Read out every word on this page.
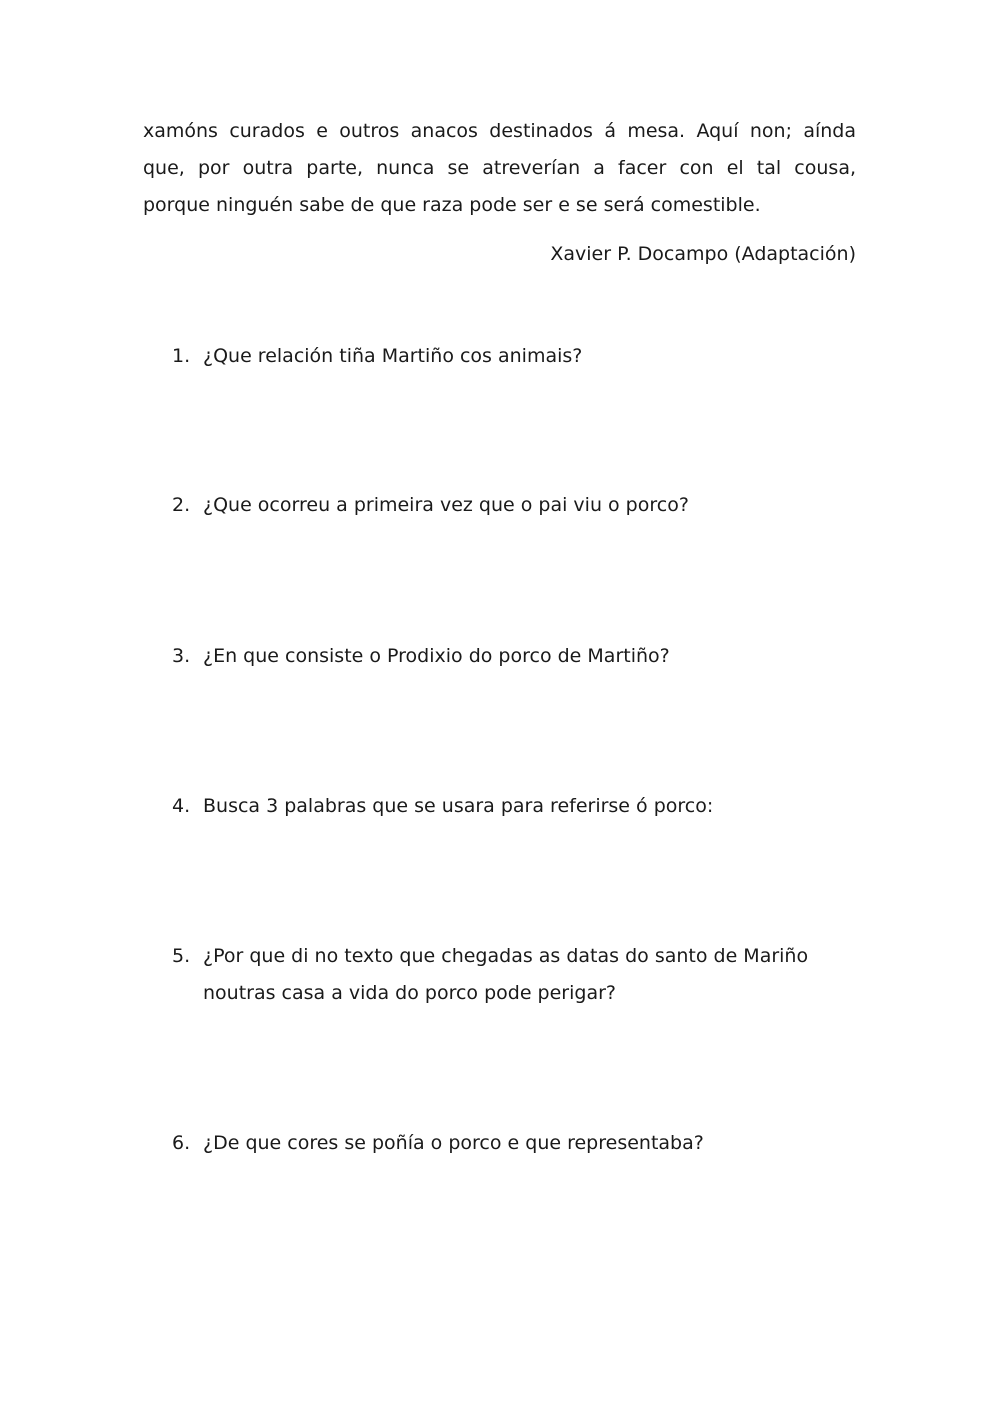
xamóns curados e outros anacos destinados á mesa. Aquí non; aínda
que, por outra parte, nunca se atreverían a facer con el tal cousa,
porque ninguén sabe de que raza pode ser e se será comestible.

Xavier P. Docampo (Adaptación)

1. ¿Que relación tiña Martiño cos animais?

2. ¿Que ocorreu a primeira vez que o pai viu o porco?

3. ¿En que consiste o Prodixio do porco de Martiño?

4. Busca 3 palabras que se usara para referirse ó porco:

5. ¿Por que di no texto que chegadas as datas do santo de Mariño
noutras casa a vida do porco pode perigar?

6. ¿De que cores se poñía o porco e que representaba?
